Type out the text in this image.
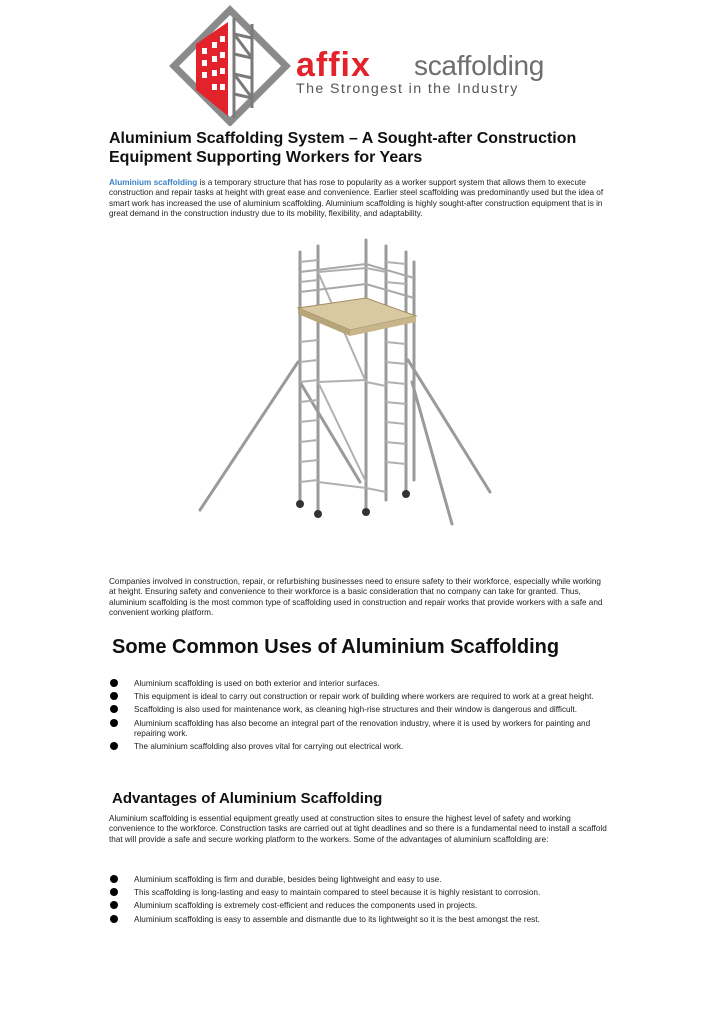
affix scaffolding
The Strongest in the Industry
Aluminium Scaffolding System – A Sought-after Construction Equipment Supporting Workers for Years

Aluminium scaffolding is a temporary structure that has rose to popularity as a worker support system that allows them to execute construction and repair tasks at height with great ease and convenience. Earlier steel scaffolding was predominantly used but the idea of smart work has increased the use of aluminium scaffolding. Aluminium scaffolding is highly sought-after construction equipment that is in great demand in the construction industry due to its mobility, flexibility, and adaptability.

Companies involved in construction, repair, or refurbishing businesses need to ensure safety to their workforce, especially while working at height. Ensuring safety and convenience to their workforce is a basic consideration that no company can take for granted. Thus, aluminium scaffolding is the most common type of scaffolding used in construction and repair works that provide workers with a safe and convenient working platform.

Some Common Uses of Aluminium Scaffolding
Aluminium scaffolding is used on both exterior and interior surfaces.
This equipment is ideal to carry out construction or repair work of building where workers are required to work at a great height.
Scaffolding is also used for maintenance work, as cleaning high-rise structures and their window is dangerous and difficult.
Aluminium scaffolding has also become an integral part of the renovation industry, where it is used by workers for painting and repairing work.
The aluminium scaffolding also proves vital for carrying out electrical work.
Advantages of Aluminium Scaffolding

Aluminium scaffolding is essential equipment greatly used at construction sites to ensure the highest level of safety and working convenience to the workforce. Construction tasks are carried out at tight deadlines and so there is a fundamental need to install a scaffold that will provide a safe and secure working platform to the workers. Some of the advantages of aluminium scaffolding are:

Aluminium scaffolding is firm and durable, besides being lightweight and easy to use.
This scaffolding is long-lasting and easy to maintain compared to steel because it is highly resistant to corrosion.
Aluminium scaffolding is extremely cost-efficient and reduces the components used in projects.
Aluminium scaffolding is easy to assemble and dismantle due to its lightweight so it is the best amongst the rest.
